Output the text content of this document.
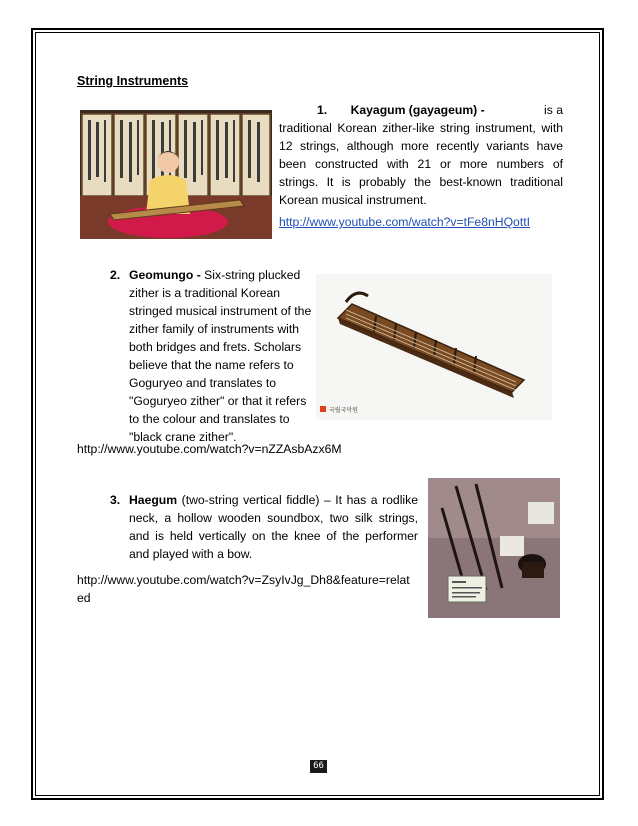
String Instruments
1. Kayagum (gayageum) -	is a
traditional Korean zither-like string instrument, with 12 strings, although more recently variants have been constructed with 21 or more numbers of strings. It is probably the best-known traditional Korean musical instrument.
http://www.youtube.com/watch?v=tFe8nHQottI
2. Geomungo - Six-string plucked zither is a traditional Korean stringed musical instrument of the zither family of instruments with both bridges and frets. Scholars believe that the name refers to Goguryeo and translates to "Goguryeo zither" or that it refers to the colour and translates to "black crane zither".
국립국악원
http://www.youtube.com/watch?v=nZZAsbAzx6M
3. Haegum (two-string vertical fiddle) – It has a rodlike neck, a hollow wooden soundbox, two silk strings, and is held vertically on the knee of the performer and played with a bow.
http://www.youtube.com/watch?v=ZsyIvJg_Dh8&feature=relat
ed
66
